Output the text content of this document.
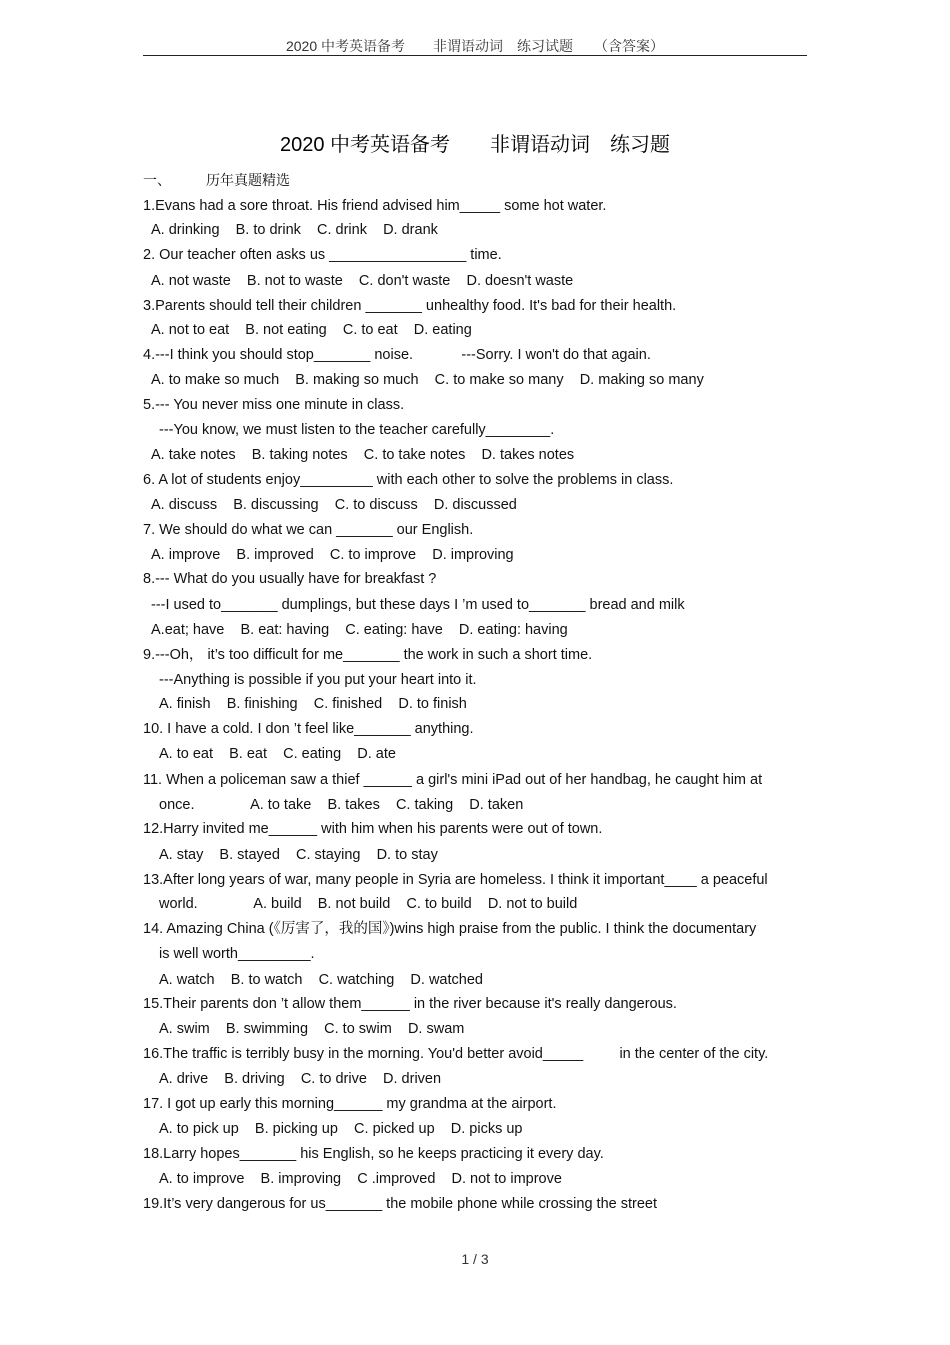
2020 中考英语备考　　非谓语动词　练习试题　　（含答案）
2020 中考英语备考　　非谓语动词　练习题
一、　　　历年真题精选
1.Evans had a sore throat. His friend advised him_____ some hot water.
A. drinking    B. to drink    C. drink    D. drank
2. Our teacher often asks us _________________ time.
A. not waste    B. not to waste    C. don't waste    D. doesn't waste
3.Parents should tell their children _______ unhealthy food. It's bad for their health.
A. not to eat    B. not eating    C. to eat    D. eating
4.---I think you should stop_______ noise.            ---Sorry. I won't do that again.
A. to make so much    B. making so much    C. to make so many    D. making so many
5.--- You never miss one minute in class.
---You know, we must listen to the teacher carefully________.
A. take notes    B. taking notes    C. to take notes    D. takes notes
6. A lot of students enjoy_________ with each other to solve the problems in class.
A. discuss    B. discussing    C. to discuss    D. discussed
7. We should do what we can _______ our English.
A. improve    B. improved    C. to improve    D. improving
8.--- What do you usually have for breakfast ?
---I used to_______ dumplings, but these days I ’m used to_______ bread and milk
A.eat; have    B. eat: having    C. eating: have    D. eating: having
9.---Oh， it’s too difficult for me_______ the work in such a short time.
---Anything is possible if you put your heart into it.
A. finish    B. finishing    C. finished    D. to finish
10. I have a cold. I don ’t feel like_______ anything.
A. to eat    B. eat    C. eating    D. ate
11. When a policeman saw a thief ______ a girl's mini iPad out of her handbag, he caught him at
once.              A. to take    B. takes    C. taking    D. taken
12.Harry invited me______ with him when his parents were out of town.
A. stay    B. stayed    C. staying    D. to stay
13.After long years of war, many people in Syria are homeless. I think it important____ a peaceful
world.              A. build    B. not build    C. to build    D. not to build
14. Amazing China (《厉害了，我的国》)wins high praise from the public. I think the documentary
is well worth_________.
A. watch    B. to watch    C. watching    D. watched
15.Their parents don ’t allow them______ in the river because it's really dangerous.
A. swim    B. swimming    C. to swim    D. swam
16.The traffic is terribly busy in the morning. You'd better avoid_____         in the center of the city.
A. drive    B. driving    C. to drive    D. driven
17. I got up early this morning______ my grandma at the airport.
A. to pick up    B. picking up    C. picked up    D. picks up
18.Larry hopes_______ his English, so he keeps practicing it every day.
A. to improve    B. improving    C .improved    D. not to improve
19.It’s very dangerous for us_______ the mobile phone while crossing the street
1 / 3
